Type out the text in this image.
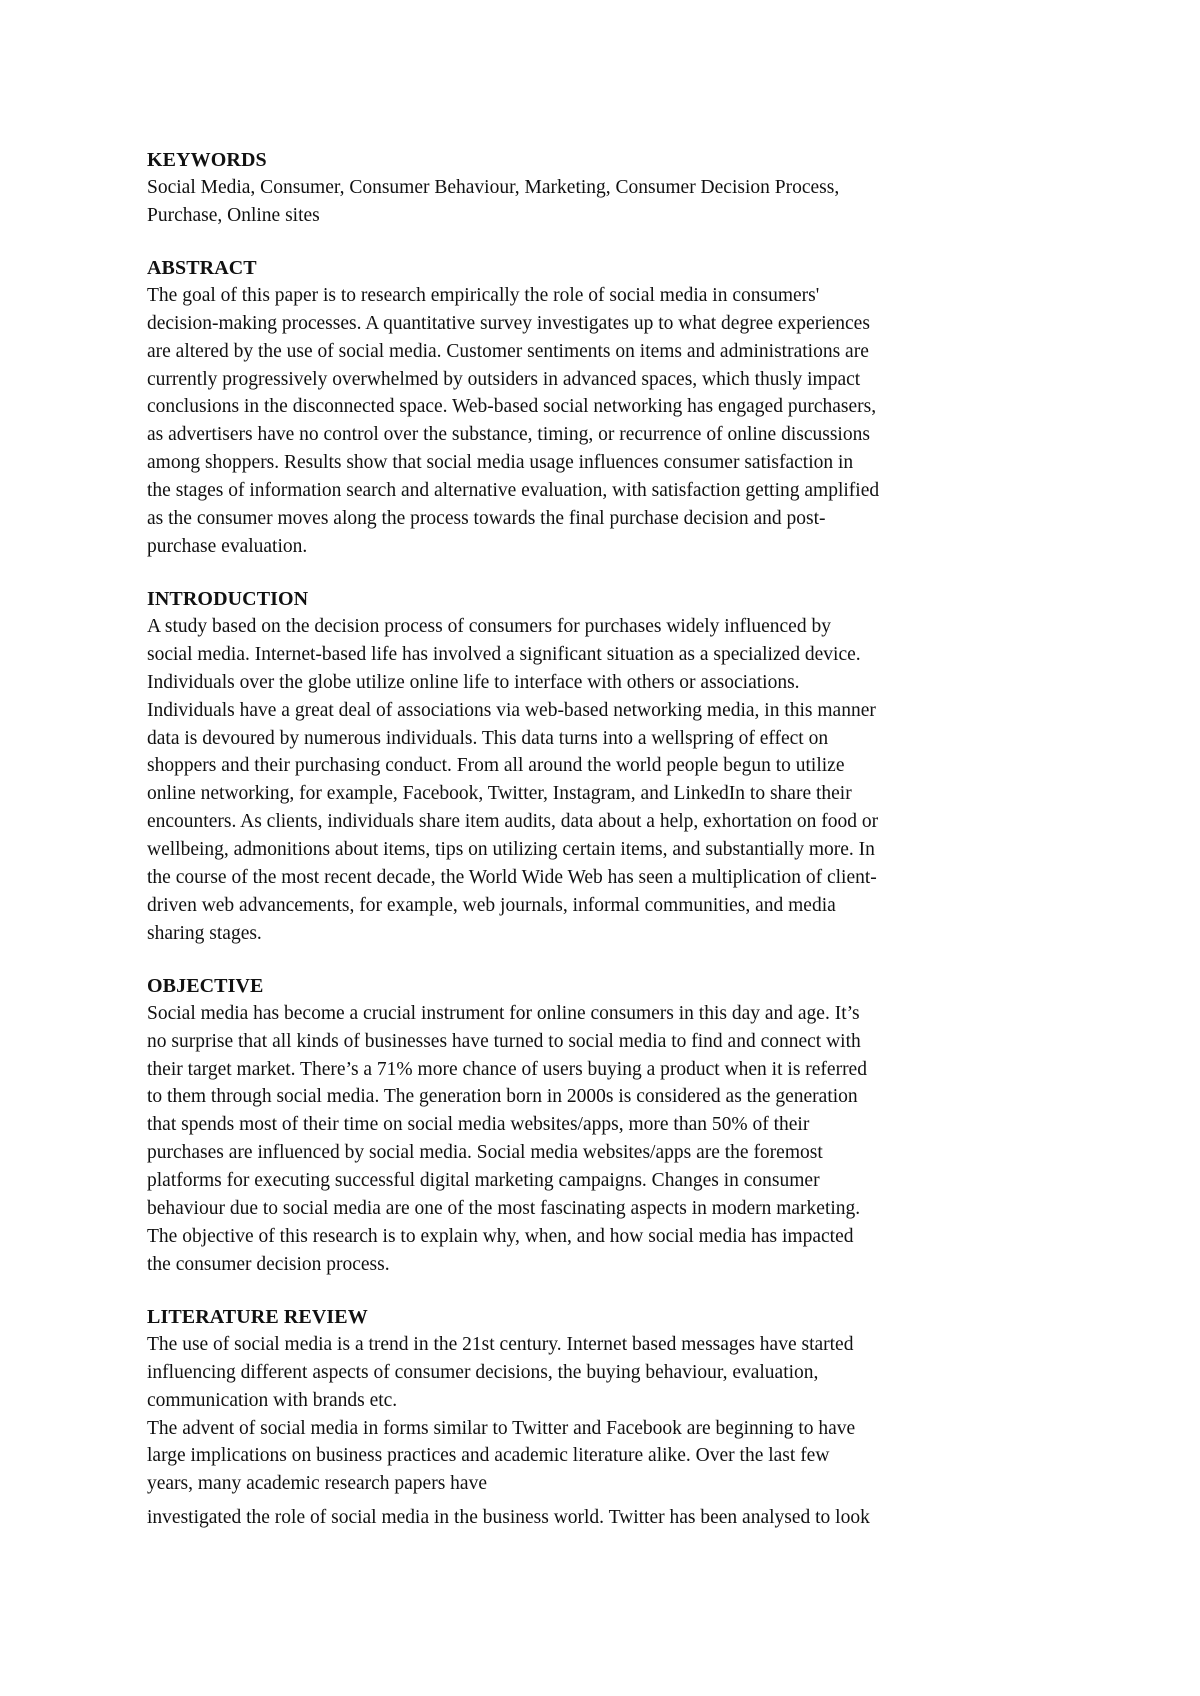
KEYWORDS

Social Media, Consumer, Consumer Behaviour, Marketing, Consumer Decision Process,

Purchase, Online sites

ABSTRACT

The goal of this paper is to research empirically the role of social media in consumers'

decision-making processes. A quantitative survey investigates up to what degree experiences

are altered by the use of social media. Customer sentiments on items and administrations are

currently progressively overwhelmed by outsiders in advanced spaces, which thusly impact

conclusions in the disconnected space. Web-based social networking has engaged purchasers,

as advertisers have no control over the substance, timing, or recurrence of online discussions

among shoppers. Results show that social media usage influences consumer satisfaction in

the stages of information search and alternative evaluation, with satisfaction getting amplified

as the consumer moves along the process towards the final purchase decision and post-

purchase evaluation.

INTRODUCTION

A study based on the decision process of consumers for purchases widely influenced by

social media. Internet-based life has involved a significant situation as a specialized device.

Individuals over the globe utilize online life to interface with others or associations.

Individuals have a great deal of associations via web-based networking media, in this manner

data is devoured by numerous individuals. This data turns into a wellspring of effect on

shoppers and their purchasing conduct. From all around the world people begun to utilize

online networking, for example, Facebook, Twitter, Instagram, and LinkedIn to share their

encounters. As clients, individuals share item audits, data about a help, exhortation on food or

wellbeing, admonitions about items, tips on utilizing certain items, and substantially more. In

the course of the most recent decade, the World Wide Web has seen a multiplication of client-

driven web advancements, for example, web journals, informal communities, and media

sharing stages.

OBJECTIVE

Social media has become a crucial instrument for online consumers in this day and age. It’s

no surprise that all kinds of businesses have turned to social media to find and connect with

their target market. There’s a 71% more chance of users buying a product when it is referred

to them through social media. The generation born in 2000s is considered as the generation

that spends most of their time on social media websites/apps, more than 50% of their

purchases are influenced by social media. Social media websites/apps are the foremost

platforms for executing successful digital marketing campaigns. Changes in consumer

behaviour due to social media are one of the most fascinating aspects in modern marketing.

The objective of this research is to explain why, when, and how social media has impacted

the consumer decision process.

LITERATURE REVIEW

The use of social media is a trend in the 21st century. Internet based messages have started

influencing different aspects of consumer decisions, the buying behaviour, evaluation,

communication with brands etc.

The advent of social media in forms similar to Twitter and Facebook are beginning to have

large implications on business practices and academic literature alike. Over the last few

years, many academic research papers have

investigated the role of social media in the business world. Twitter has been analysed to look
